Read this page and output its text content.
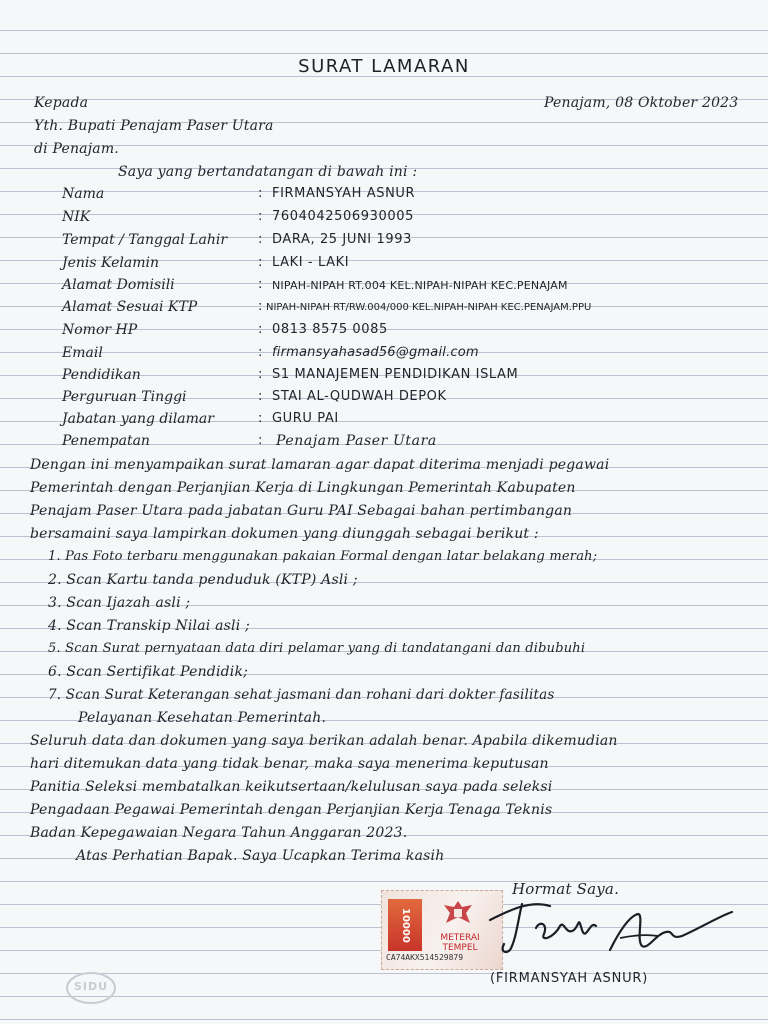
SURAT LAMARAN
Kepada	Penajam, 08 Oktober 2023
Yth. Bupati Penajam Paser Utara
di Penajam.
Saya yang bertandatangan di bawah ini :
Nama	: FIRMANSYAH ASNUR
NIK	: 7604042506930005
Tempat / Tanggal Lahir : DARA, 25 JUNI 1993
Jenis Kelamin	: LAKI - LAKI
Alamat Domisili	: NIPAH-NIPAH RT.004 KEL.NIPAH-NIPAH KEC.PENAJAM
Alamat Sesuai KTP	: NIPAH-NIPAH RT/RW.004/000 KEL.NIPAH-NIPAH KEC.PENAJAM.PPU
Nomor HP	: 0813 8575 0085
Email	: firmansyahasad56@gmail.com
Pendidikan	: S1 MANAJEMEN PENDIDIKAN ISLAM
Perguruan Tinggi	: STAI AL-QUDWAH DEPOK
Jabatan yang dilamar	: GURU PAI
Penempatan	: Penajam Paser Utara
Dengan ini menyampaikan surat lamaran agar dapat diterima menjadi pegawai
Pemerintah dengan Perjanjian Kerja di Lingkungan Pemerintah Kabupaten
Penajam Paser Utara pada jabatan Guru PAI Sebagai bahan pertimbangan
bersamaini saya lampirkan dokumen yang diunggah sebagai berikut :
1. Pas Foto terbaru menggunakan pakaian Formal dengan latar belakang merah;
2. Scan Kartu tanda penduduk (KTP) Asli ;
3. Scan Ijazah asli ;
4. Scan Transkip Nilai asli ;
5. Scan Surat pernyataan data diri pelamar yang di tandatangani dan dibubuhi
6. Scan Sertifikat Pendidik;
7. Scan Surat Keterangan sehat jasmani dan rohani dari dokter fasilitas
Pelayanan Kesehatan Pemerintah.
Seluruh data dan dokumen yang saya berikan adalah benar. Apabila dikemudian
hari ditemukan data yang tidak benar, maka saya menerima keputusan
Panitia Seleksi membatalkan keikutsertaan/kelulusan saya pada seleksi
Pengadaan Pegawai Pemerintah dengan Perjanjian Kerja Tenaga Teknis
Badan Kepegawaian Negara Tahun Anggaran 2023.
Atas Perhatian Bapak. Saya Ucapkan Terima kasih
Hormat Saya.
10000	METERAI TEMPEL
CA74AKX514529879
(FIRMANSYAH ASNUR)
SIDU
